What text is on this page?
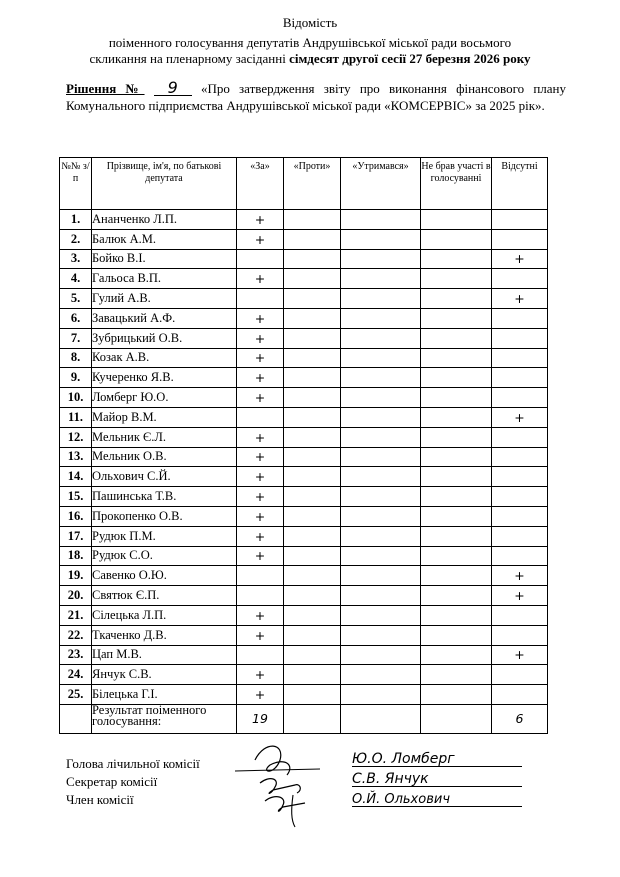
Відомість
поіменного голосування депутатів Андрушівської міської ради восьмого
скликання на пленарному засіданні сімдесят другої сесії 27 березня 2026 року
Рішення № 9 «Про затвердження звіту про виконання фінансового плану Комунального підприємства Андрушівської міської ради «КОМСЕРВІС» за 2025 рік».
№№ з/п	Прізвище, ім'я, по батькові депутата	«За»	«Проти»	«Утримався»	Не брав участі в голосуванні	Відсутні
1.	Ананченко Л.П.	+				
2.	Балюк А.М.	+				
3.	Бойко В.І.					+
4.	Гальоса В.П.	+				
5.	Гулий А.В.					+
6.	Завацький А.Ф.	+				
7.	Зубрицький О.В.	+				
8.	Козак А.В.	+				
9.	Кучеренко Я.В.	+				
10.	Ломберг Ю.О.	+				
11.	Майор В.М.					+
12.	Мельник Є.Л.	+				
13.	Мельник О.В.	+				
14.	Ольхович С.Й.	+				
15.	Пашинська Т.В.	+				
16.	Прокопенко О.В.	+				
17.	Рудюк П.М.	+				
18.	Рудюк С.О.	+				
19.	Савенко О.Ю.					+
20.	Святюк Є.П.					+
21.	Сілецька Л.П.	+				
22.	Ткаченко Д.В.	+				
23.	Цап М.В.					+
24.	Янчук С.В.	+				
25.	Білецька Г.І.	+				
	Результат поіменного голосування:	19				6
Голова лічильної комісії
Секретар комісії
Член комісії
Ю.О. Ломберг
С.В. Янчук
О.Й. Ольхович
